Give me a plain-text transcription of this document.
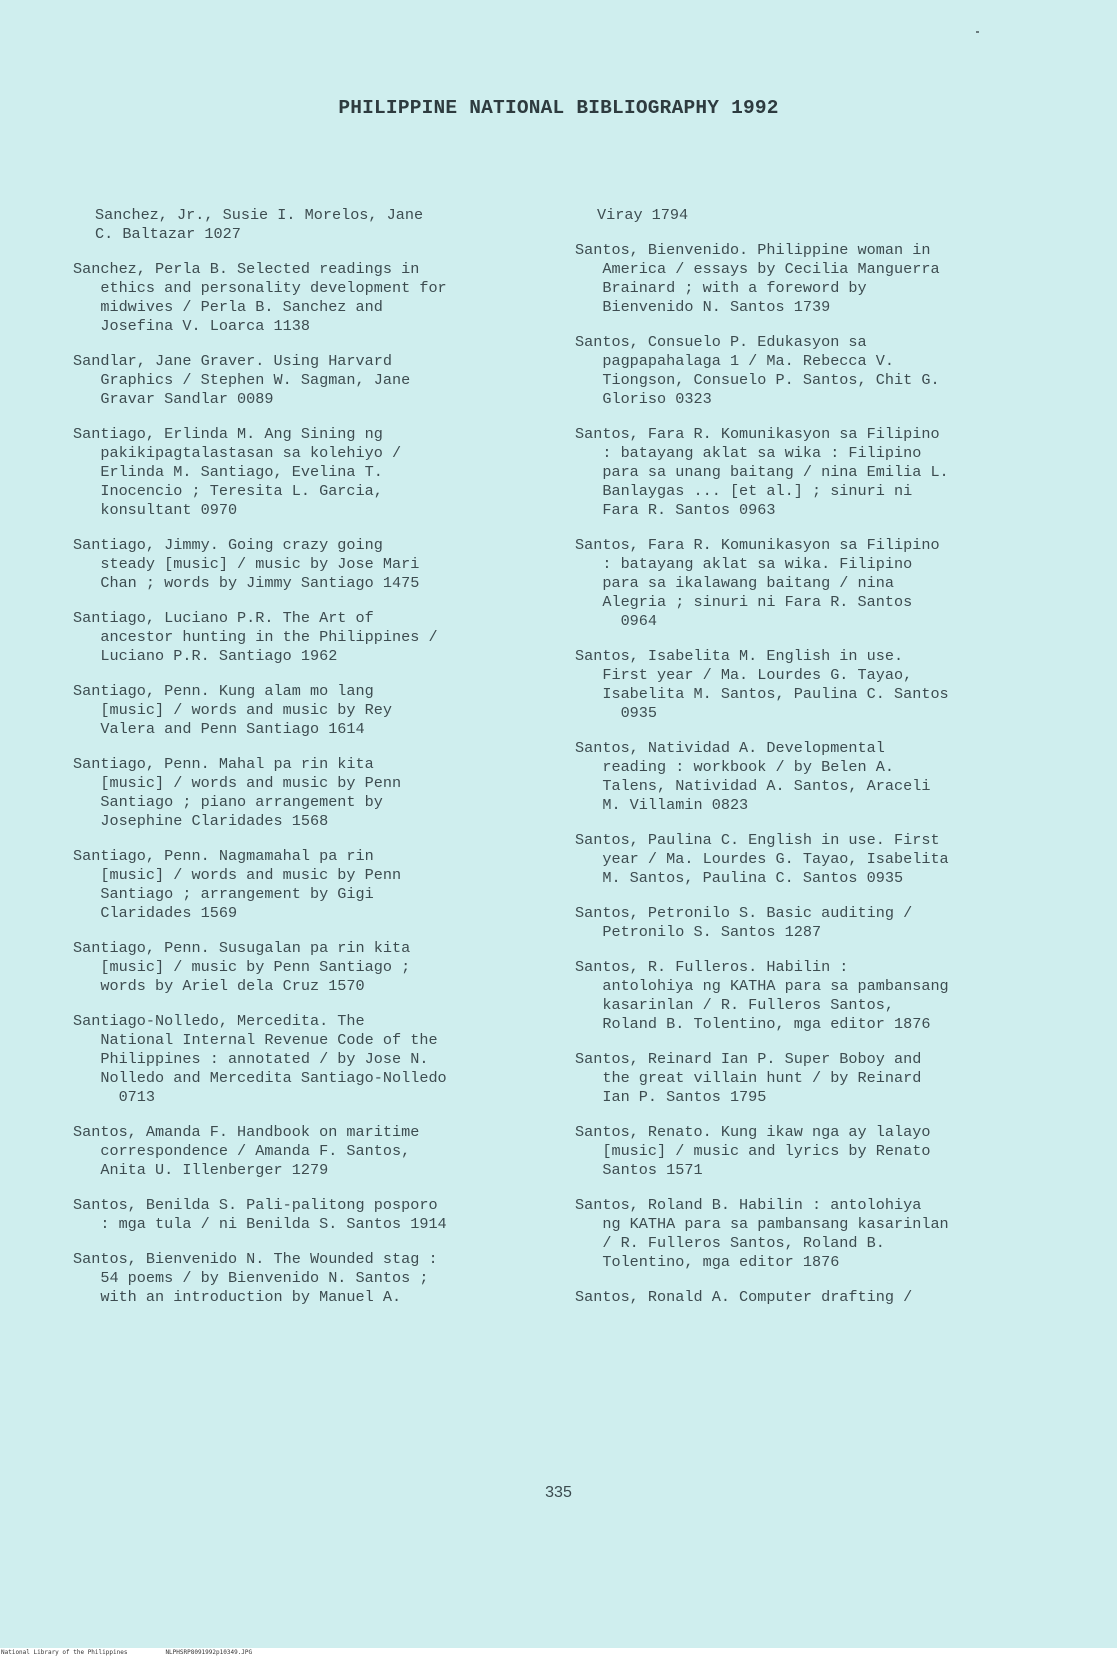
PHILIPPINE NATIONAL BIBLIOGRAPHY 1992

Sanchez, Jr., Susie I. Morelos, Jane
C. Baltazar 1027

Sanchez, Perla B. Selected readings in
ethics and personality development for
midwives / Perla B. Sanchez and
Josefina V. Loarca 1138

Sandlar, Jane Graver. Using Harvard
Graphics / Stephen W. Sagman, Jane
Gravar Sandlar 0089

Santiago, Erlinda M. Ang Sining ng
pakikipagtalastasan sa kolehiyo /
Erlinda M. Santiago, Evelina T.
Inocencio ; Teresita L. Garcia,
konsultant 0970

Santiago, Jimmy. Going crazy going
steady [music] / music by Jose Mari
Chan ; words by Jimmy Santiago 1475

Santiago, Luciano P.R. The Art of
ancestor hunting in the Philippines /
Luciano P.R. Santiago 1962

Santiago, Penn. Kung alam mo lang
[music] / words and music by Rey
Valera and Penn Santiago 1614

Santiago, Penn. Mahal pa rin kita
[music] / words and music by Penn
Santiago ; piano arrangement by
Josephine Claridades 1568

Santiago, Penn. Nagmamahal pa rin
[music] / words and music by Penn
Santiago ; arrangement by Gigi
Claridades 1569

Santiago, Penn. Susugalan pa rin kita
[music] / music by Penn Santiago ;
words by Ariel dela Cruz 1570

Santiago-Nolledo, Mercedita. The
National Internal Revenue Code of the
Philippines : annotated / by Jose N.
Nolledo and Mercedita Santiago-Nolledo
0713

Santos, Amanda F. Handbook on maritime
correspondence / Amanda F. Santos,
Anita U. Illenberger 1279

Santos, Benilda S. Pali-palitong posporo
: mga tula / ni Benilda S. Santos 1914

Santos, Bienvenido N. The Wounded stag :
54 poems / by Bienvenido N. Santos ;
with an introduction by Manuel A.

Viray 1794

Santos, Bienvenido. Philippine woman in
America / essays by Cecilia Manguerra
Brainard ; with a foreword by
Bienvenido N. Santos 1739

Santos, Consuelo P. Edukasyon sa
pagpapahalaga 1 / Ma. Rebecca V.
Tiongson, Consuelo P. Santos, Chit G.
Gloriso 0323

Santos, Fara R. Komunikasyon sa Filipino
: batayang aklat sa wika : Filipino
para sa unang baitang / nina Emilia L.
Banlaygas ... [et al.] ; sinuri ni
Fara R. Santos 0963

Santos, Fara R. Komunikasyon sa Filipino
: batayang aklat sa wika. Filipino
para sa ikalawang baitang / nina
Alegria ; sinuri ni Fara R. Santos
0964

Santos, Isabelita M. English in use.
First year / Ma. Lourdes G. Tayao,
Isabelita M. Santos, Paulina C. Santos
0935

Santos, Natividad A. Developmental
reading : workbook / by Belen A.
Talens, Natividad A. Santos, Araceli
M. Villamin 0823

Santos, Paulina C. English in use. First
year / Ma. Lourdes G. Tayao, Isabelita
M. Santos, Paulina C. Santos 0935

Santos, Petronilo S. Basic auditing /
Petronilo S. Santos 1287

Santos, R. Fulleros. Habilin :
antolohiya ng KATHA para sa pambansang
kasarinlan / R. Fulleros Santos,
Roland B. Tolentino, mga editor 1876

Santos, Reinard Ian P. Super Boboy and
the great villain hunt / by Reinard
Ian P. Santos 1795

Santos, Renato. Kung ikaw nga ay lalayo
[music] / music and lyrics by Renato
Santos 1571

Santos, Roland B. Habilin : antolohiya
ng KATHA para sa pambansang kasarinlan
/ R. Fulleros Santos, Roland B.
Tolentino, mga editor 1876

Santos, Ronald A. Computer drafting /

335
National Library of the Philippines	NLPHSRP8091992p10349.JPG
